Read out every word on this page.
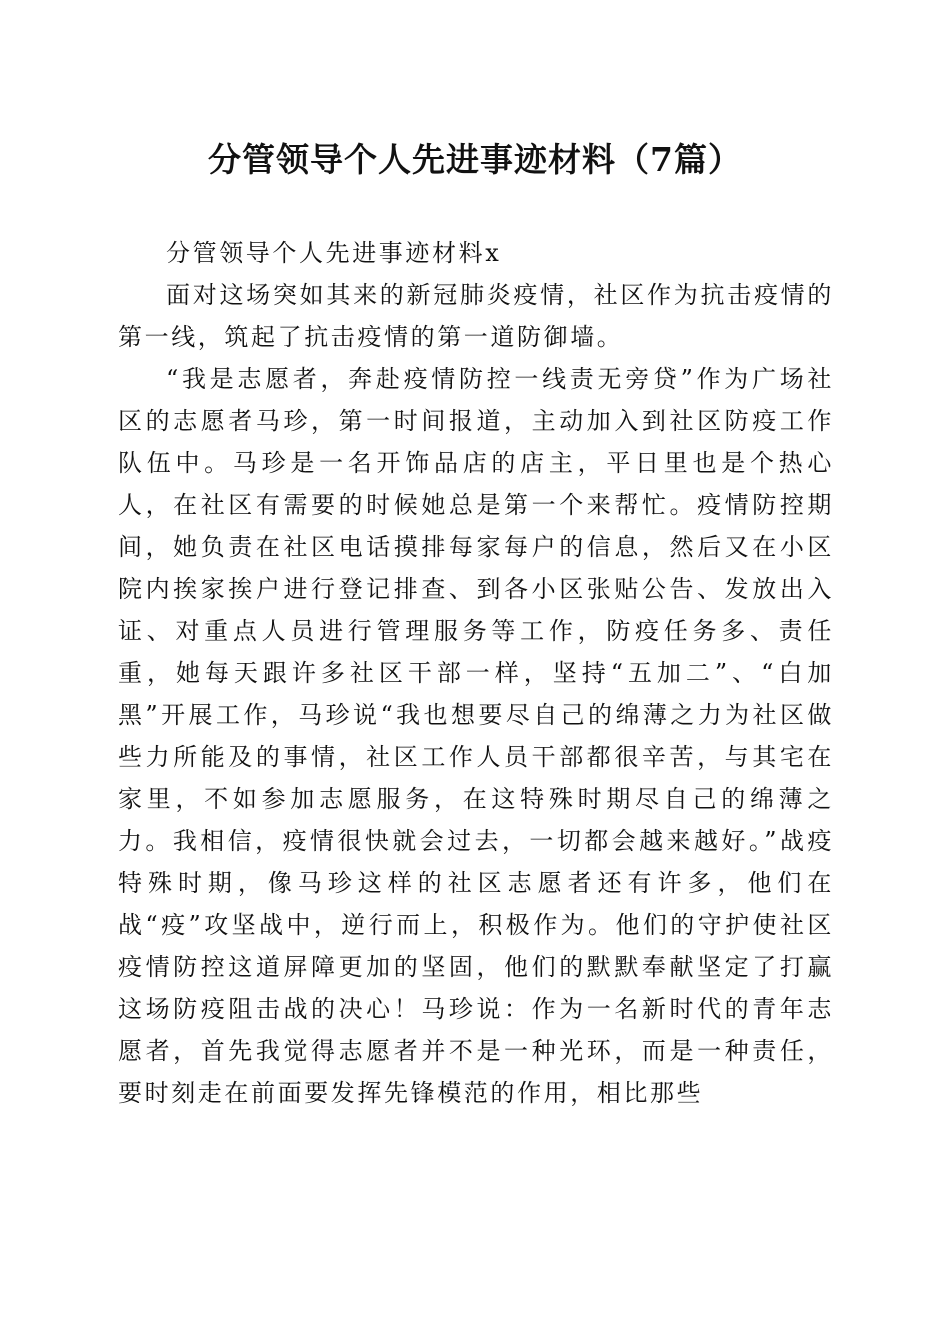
分管领导个人先进事迹材料（7篇）

分管领导个人先进事迹材料x

面对这场突如其来的新冠肺炎疫情，社区作为抗击疫情的第一线，筑起了抗击疫情的第一道防御墙。

“我是志愿者，奔赴疫情防控一线责无旁贷”作为广场社区的志愿者马珍，第一时间报道，主动加入到社区防疫工作队伍中。马珍是一名开饰品店的店主，平日里也是个热心人，在社区有需要的时候她总是第一个来帮忙。疫情防控期间，她负责在社区电话摸排每家每户的信息，然后又在小区院内挨家挨户进行登记排查、到各小区张贴公告、发放出入证、对重点人员进行管理服务等工作，防疫任务多、责任重，她每天跟许多社区干部一样，坚持“五加二”、“白加黑”开展工作，马珍说“我也想要尽自己的绵薄之力为社区做些力所能及的事情，社区工作人员干部都很辛苦，与其宅在家里，不如参加志愿服务，在这特殊时期尽自己的绵薄之力。我相信，疫情很快就会过去，一切都会越来越好。”战疫特殊时期，像马珍这样的社区志愿者还有许多，他们在战“疫”攻坚战中，逆行而上，积极作为。他们的守护使社区疫情防控这道屏障更加的坚固，他们的默默奉献坚定了打赢这场防疫阻击战的决心！马珍说：作为一名新时代的青年志愿者，首先我觉得志愿者并不是一种光环，而是一种责任，要时刻走在前面要发挥先锋模范的作用，相比那些
